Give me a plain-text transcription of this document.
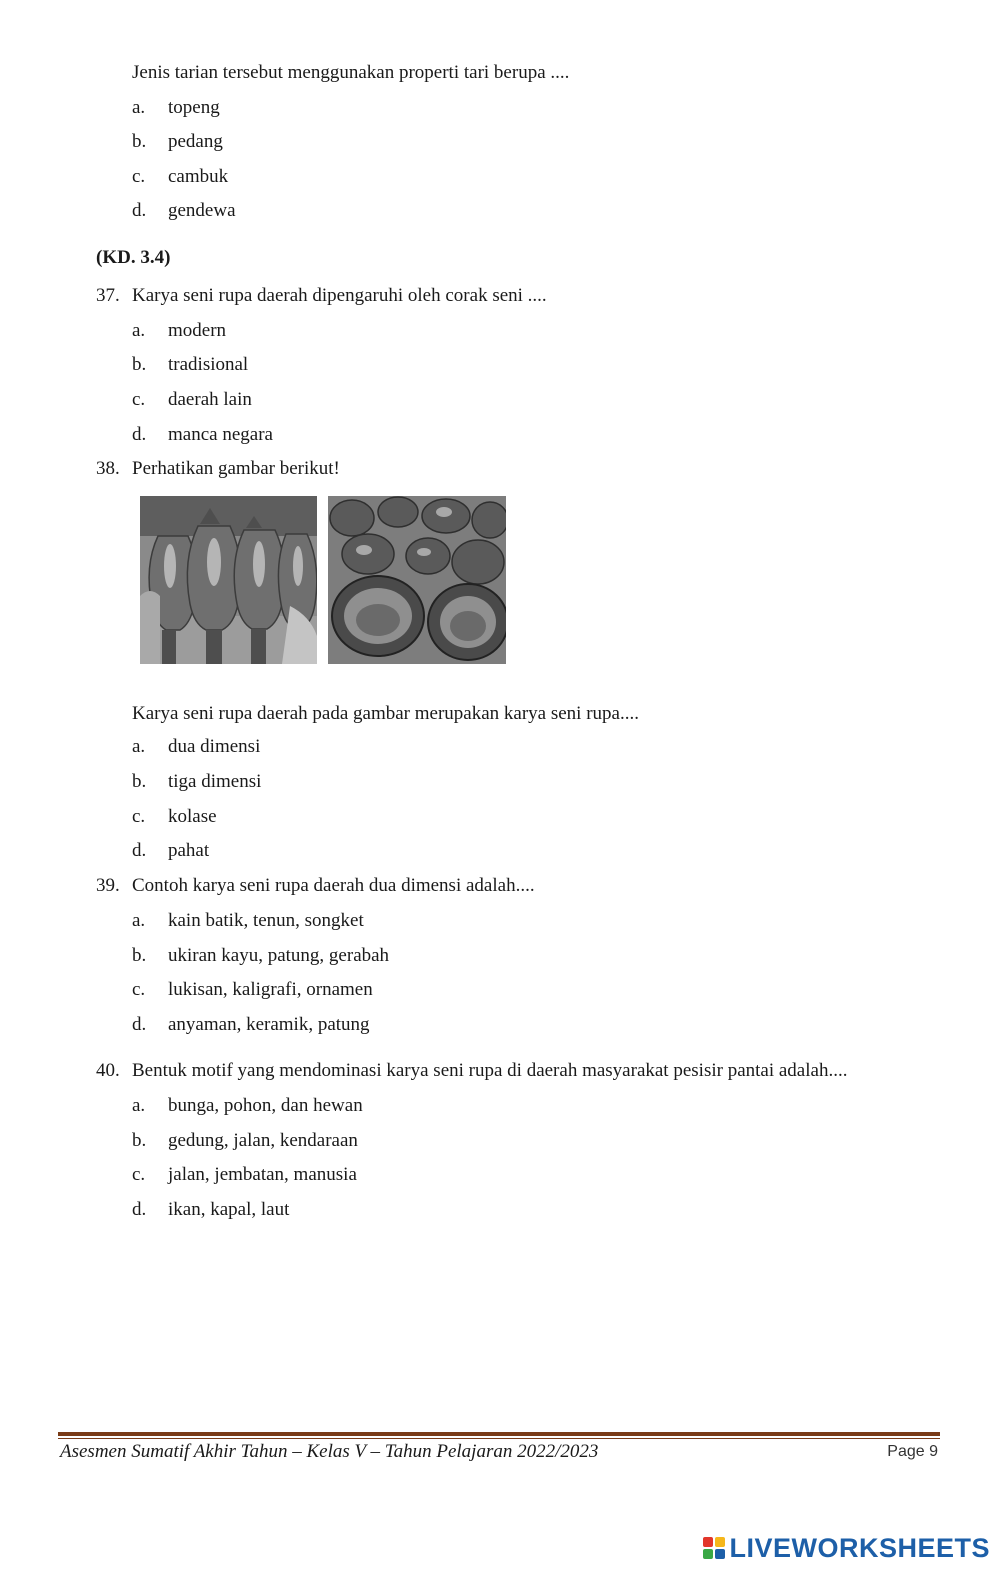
Jenis tarian tersebut menggunakan properti tari berupa ....
a. topeng
b. pedang
c. cambuk
d. gendewa
(KD. 3.4)
37. Karya seni rupa daerah dipengaruhi oleh corak seni ....
a. modern
b. tradisional
c. daerah lain
d. manca negara
38. Perhatikan gambar berikut!
Karya seni rupa daerah pada gambar merupakan karya seni rupa....
a. dua dimensi
b. tiga dimensi
c. kolase
d. pahat
39. Contoh karya seni rupa daerah dua dimensi adalah....
a. kain batik, tenun, songket
b. ukiran kayu, patung, gerabah
c. lukisan, kaligrafi, ornamen
d. anyaman, keramik, patung
40. Bentuk motif yang mendominasi karya seni rupa di daerah masyarakat pesisir pantai adalah....
a. bunga, pohon, dan hewan
b. gedung, jalan, kendaraan
c. jalan, jembatan, manusia
d. ikan, kapal, laut
Asesmen Sumatif Akhir Tahun – Kelas V – Tahun Pelajaran 2022/2023	Page 9
LIVEWORKSHEETS
